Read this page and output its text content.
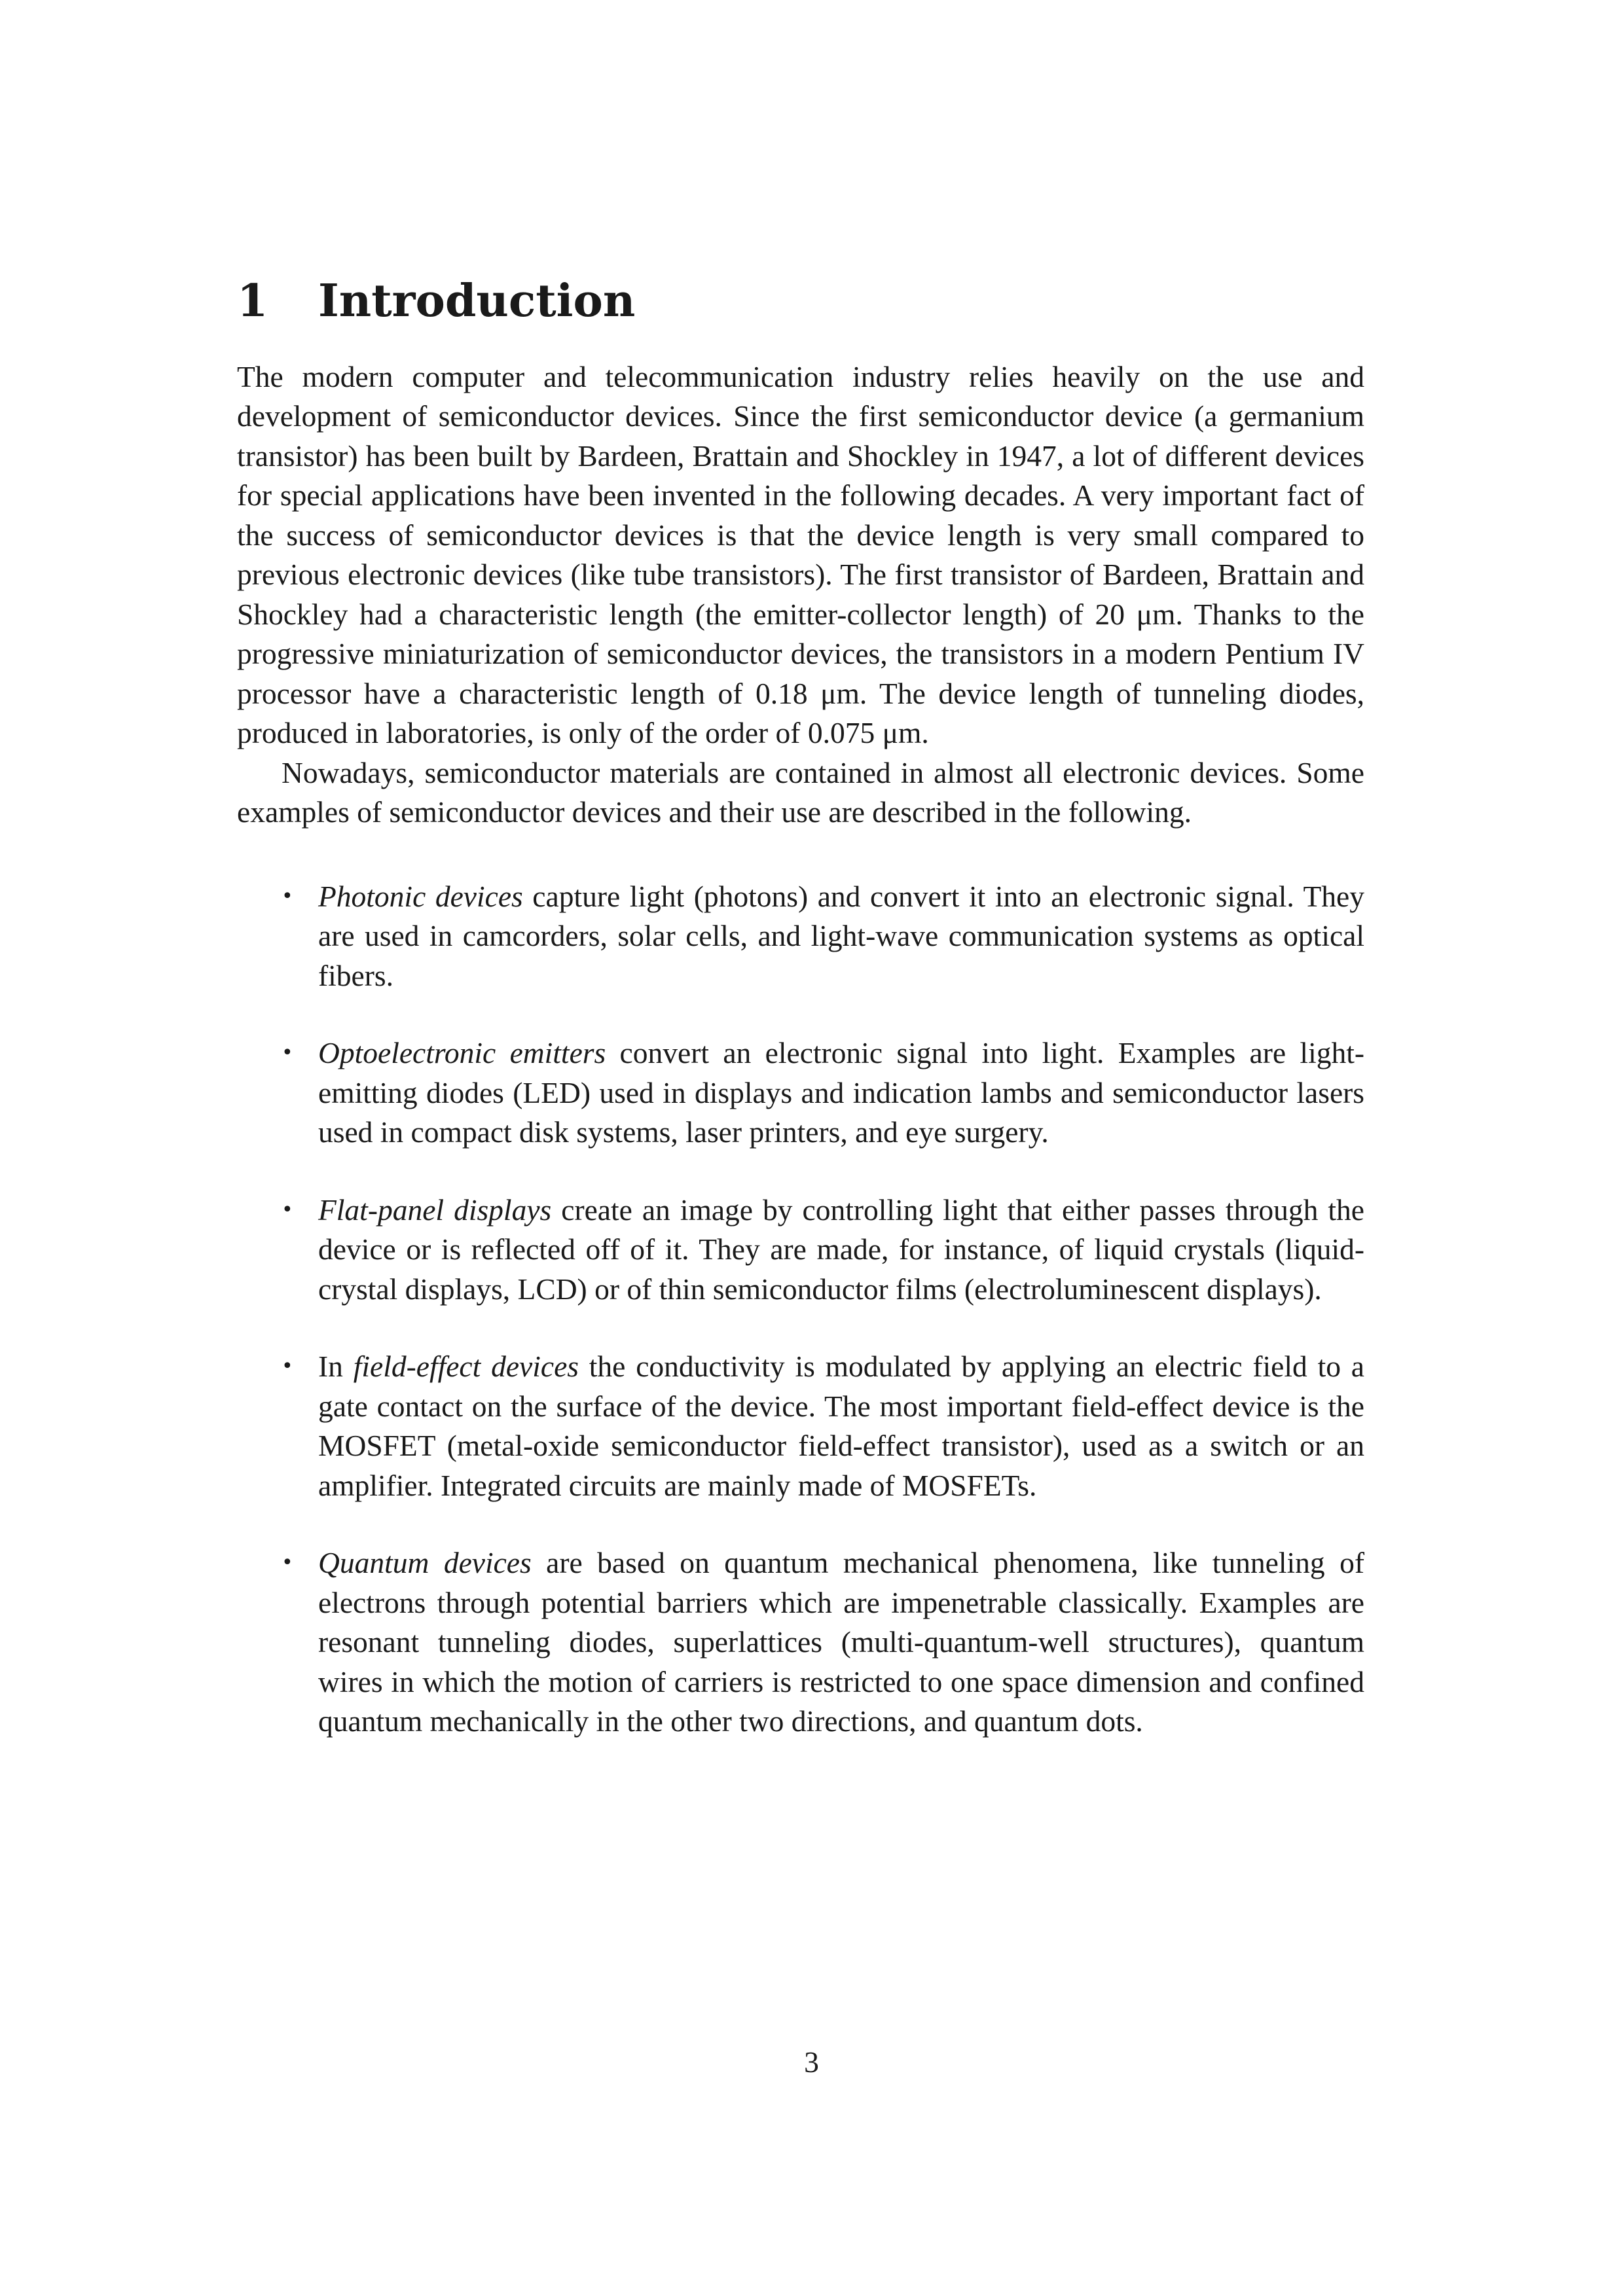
1	Introduction

The modern computer and telecommunication industry relies heavily on the use and development of semiconductor devices. Since the first semiconductor device (a germanium transistor) has been built by Bardeen, Brattain and Shockley in 1947, a lot of different devices for special applications have been invented in the following decades. A very important fact of the success of semiconductor devices is that the device length is very small compared to previous electronic devices (like tube transistors). The first transistor of Bardeen, Brattain and Shockley had a characteristic length (the emitter-collector length) of 20 μm. Thanks to the progressive miniaturization of semiconductor devices, the transistors in a modern Pentium IV processor have a characteristic length of 0.18 μm. The device length of tunneling diodes, produced in laboratories, is only of the order of 0.075 μm.

Nowadays, semiconductor materials are contained in almost all electronic devices. Some examples of semiconductor devices and their use are described in the following.

• Photonic devices capture light (photons) and convert it into an electronic signal. They are used in camcorders, solar cells, and light-wave communication systems as optical fibers.
• Optoelectronic emitters convert an electronic signal into light. Examples are light-emitting diodes (LED) used in displays and indication lambs and semiconductor lasers used in compact disk systems, laser printers, and eye surgery.
• Flat-panel displays create an image by controlling light that either passes through the device or is reflected off of it. They are made, for instance, of liquid crystals (liquid-crystal displays, LCD) or of thin semiconductor films (electroluminescent displays).
• In field-effect devices the conductivity is modulated by applying an electric field to a gate contact on the surface of the device. The most important field-effect device is the MOSFET (metal-oxide semiconductor field-effect transistor), used as a switch or an amplifier. Integrated circuits are mainly made of MOSFETs.
• Quantum devices are based on quantum mechanical phenomena, like tunneling of electrons through potential barriers which are impenetrable classically. Examples are resonant tunneling diodes, superlattices (multi-quantum-well structures), quantum wires in which the motion of carriers is restricted to one space dimension and confined quantum mechanically in the other two directions, and quantum dots.
3
